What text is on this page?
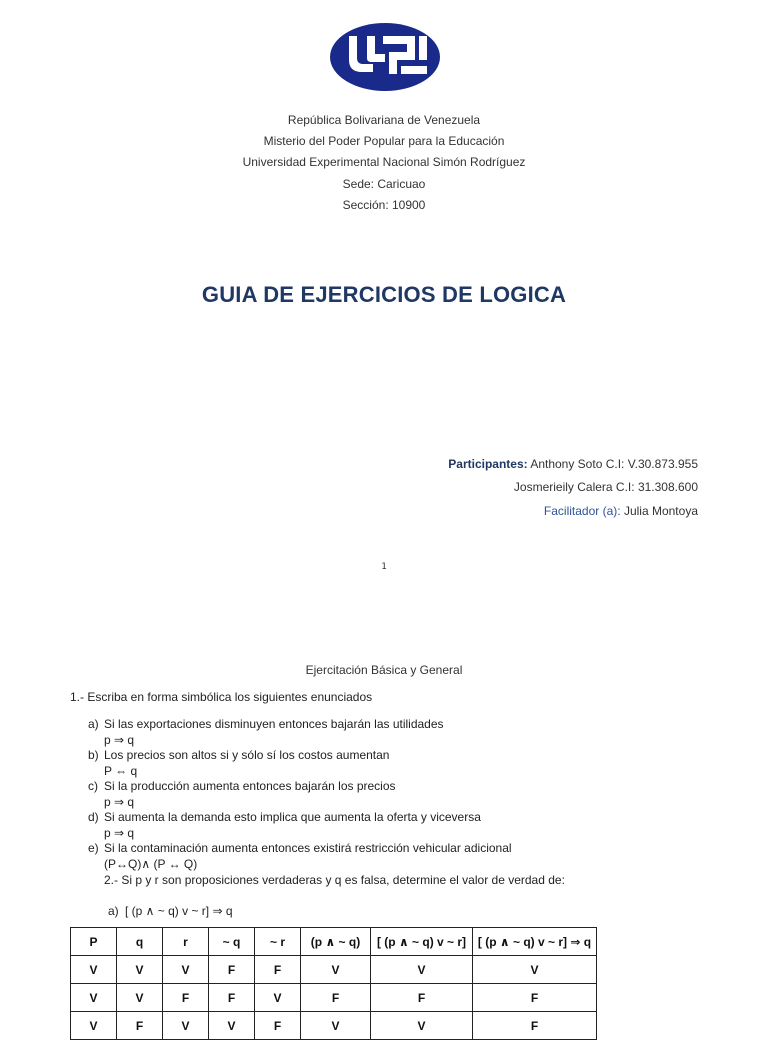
República Bolivariana de Venezuela
Misterio del Poder Popular para la Educación
Universidad Experimental Nacional Simón Rodríguez
Sede: Caricuao
Sección: 10900
GUIA DE EJERCICIOS DE LOGICA
Participantes: Anthony Soto C.I: V.30.873.955
Josmerieily Calera C.I: 31.308.600
Facilitador (a): Julia Montoya
1
Ejercitación Básica y General
1.- Escriba en forma simbólica los siguientes enunciados
a) Si las exportaciones disminuyen entonces bajarán las utilidades
p ⇒ q
b) Los precios son altos si y sólo sí los costos aumentan
P ⇔ q
c) Si la producción aumenta entonces bajarán los precios
p ⇒ q
d) Si aumenta la demanda esto implica que aumenta la oferta y viceversa
p ⇒ q
e) Si la contaminación aumenta entonces existirá restricción vehicular adicional
(P↔Q)∧ (P ↔ Q)
2.- Si p y r son proposiciones verdaderas y q es falsa, determine el valor de verdad de:
a) [ (p ∧ ~ q) v ~ r] ⇒ q
P	q	r	~ q	~ r	(p ∧ ~ q)	[ (p ∧ ~ q) v ~ r]	[ (p ∧ ~ q) v ~ r] ⇒ q
V	V	V	F	F	V	V	V
V	V	F	F	V	F	F	F
V	F	V	V	F	V	V	F
